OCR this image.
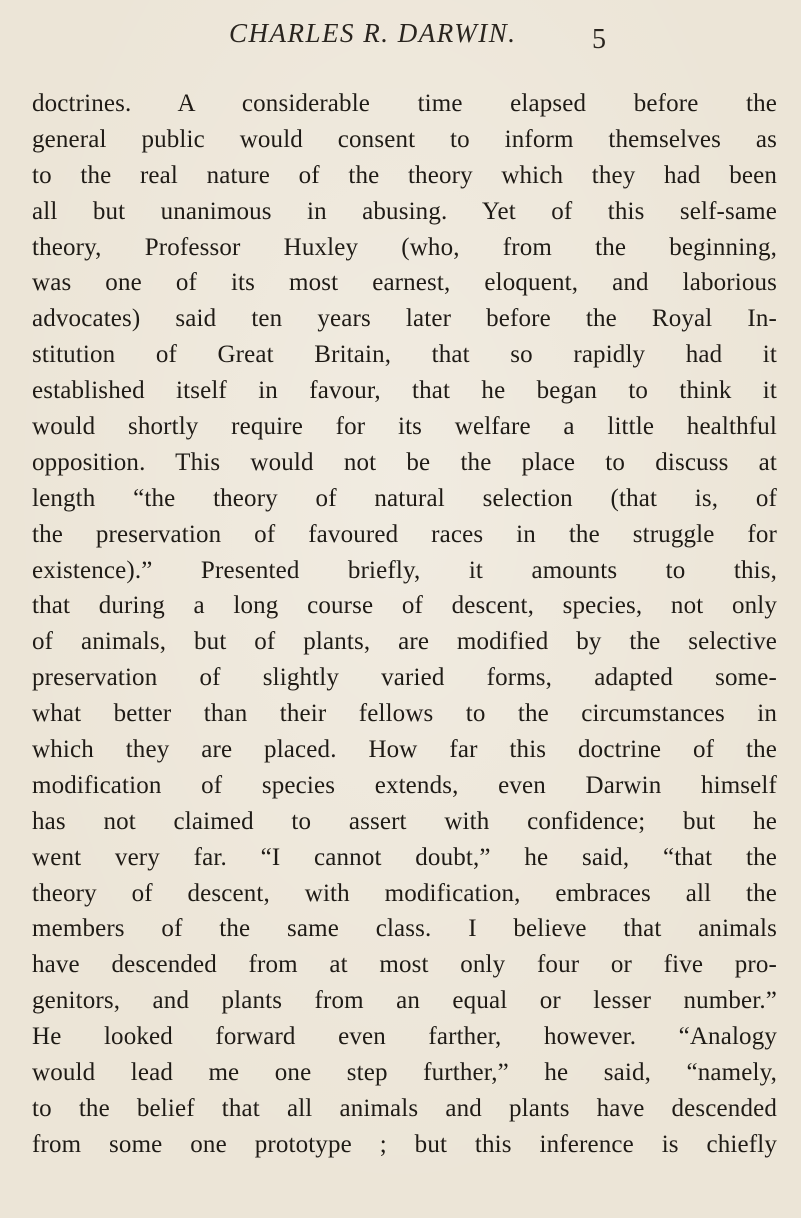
CHARLES R. DARWIN.	5
doctrines. A considerable time elapsed before the
general public would consent to inform themselves as
to the real nature of the theory which they had been
all but unanimous in abusing. Yet of this self-same
theory, Professor Huxley (who, from the beginning,
was one of its most earnest, eloquent, and laborious
advocates) said ten years later before the Royal In-
stitution of Great Britain, that so rapidly had it
established itself in favour, that he began to think it
would shortly require for its welfare a little healthful
opposition. This would not be the place to discuss at
length “the theory of natural selection (that is, of
the preservation of favoured races in the struggle for
existence).” Presented briefly, it amounts to this,
that during a long course of descent, species, not only
of animals, but of plants, are modified by the selective
preservation of slightly varied forms, adapted some-
what better than their fellows to the circumstances in
which they are placed. How far this doctrine of the
modification of species extends, even Darwin himself
has not claimed to assert with confidence; but he
went very far. “I cannot doubt,” he said, “that the
theory of descent, with modification, embraces all the
members of the same class. I believe that animals
have descended from at most only four or five pro-
genitors, and plants from an equal or lesser number.”
He looked forward even farther, however. “Analogy
would lead me one step further,” he said, “namely,
to the belief that all animals and plants have descended
from some one prototype ; but this inference is chiefly
